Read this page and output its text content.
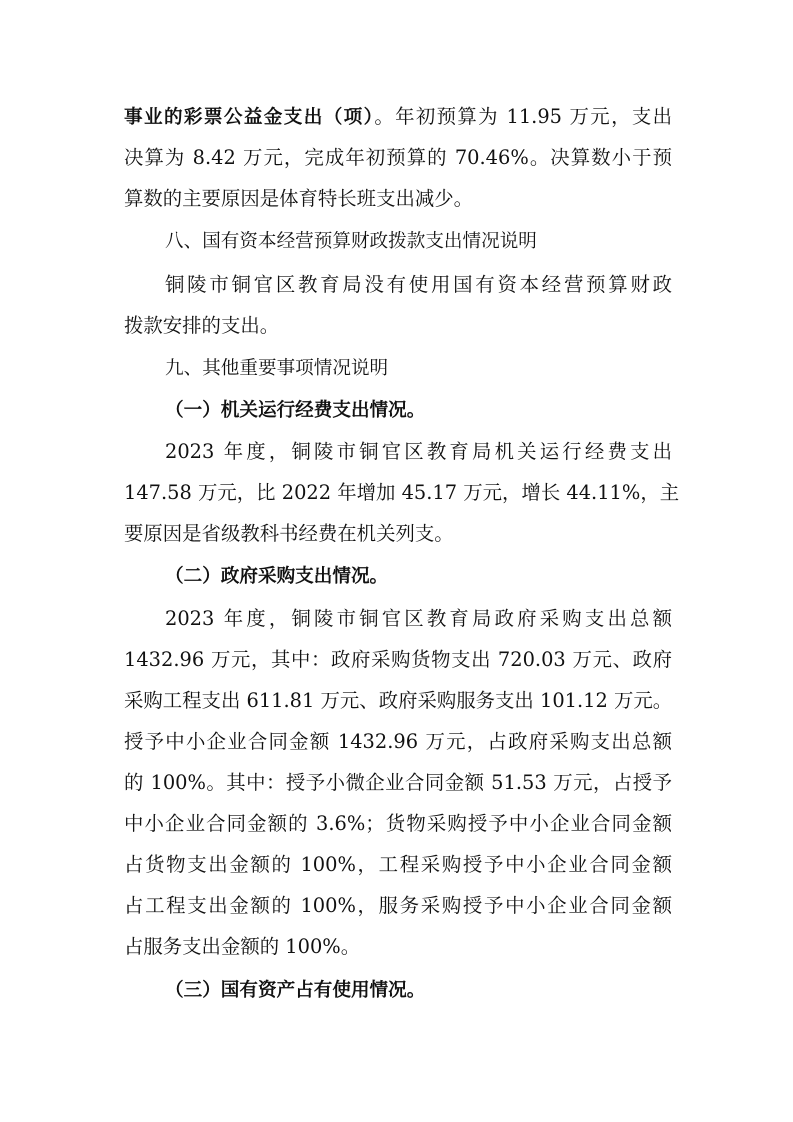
事业的彩票公益金支出（项）。年初预算为 11.95 万元，支出
决算为 8.42 万元，完成年初预算的 70.46%。决算数小于预
算数的主要原因是体育特长班支出减少。
八、国有资本经营预算财政拨款支出情况说明
铜陵市铜官区教育局没有使用国有资本经营预算财政
拨款安排的支出。
九、其他重要事项情况说明
（一）机关运行经费支出情况。
2023 年度，铜陵市铜官区教育局机关运行经费支出
147.58 万元，比 2022 年增加 45.17 万元，增长 44.11%，主
要原因是省级教科书经费在机关列支。
（二）政府采购支出情况。
2023 年度，铜陵市铜官区教育局政府采购支出总额
1432.96 万元，其中：政府采购货物支出 720.03 万元、政府
采购工程支出 611.81 万元、政府采购服务支出 101.12 万元。
授予中小企业合同金额 1432.96 万元，占政府采购支出总额
的 100%。其中：授予小微企业合同金额 51.53 万元，占授予
中小企业合同金额的 3.6%；货物采购授予中小企业合同金额
占货物支出金额的 100%，工程采购授予中小企业合同金额
占工程支出金额的 100%，服务采购授予中小企业合同金额
占服务支出金额的 100%。
（三）国有资产占有使用情况。
